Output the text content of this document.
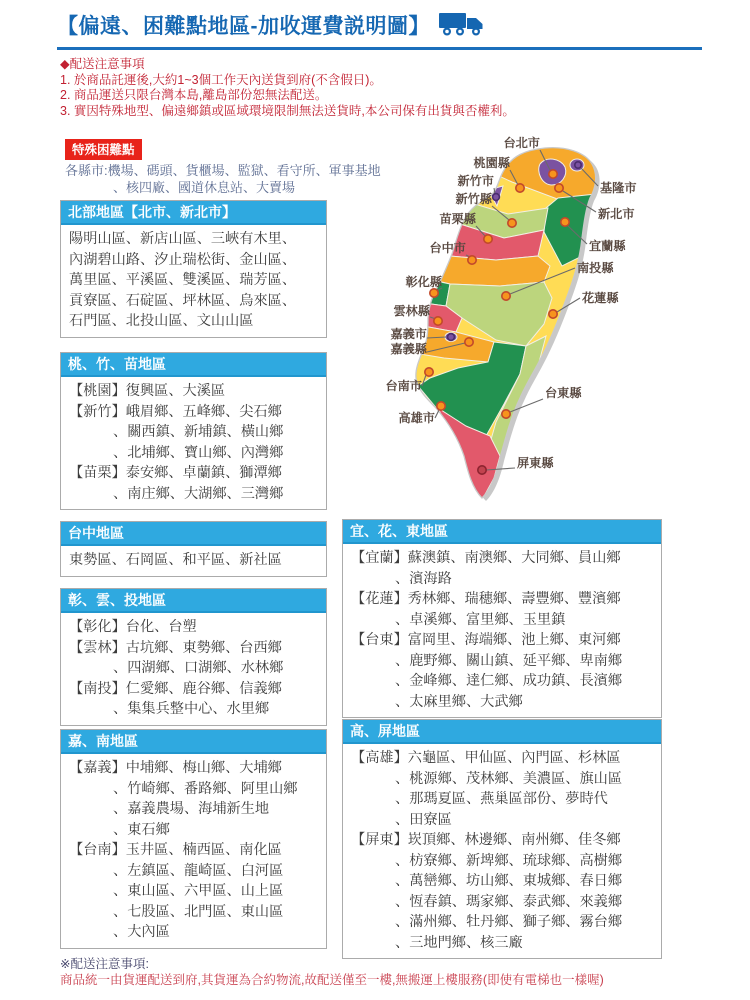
【偏遠、困難點地區-加收運費説明圖】
◆配送注意事項
1. 於商品託運後,大約1~3個工作天內送貨到府(不含假日)。
2. 商品運送只限台灣本島,離島部份恕無法配送。
3. 實因特殊地型、偏遠鄉鎮或區域環境限制無法送貨時,本公司保有出貨與否權利。
特殊困難點
各縣市:機場、碼頭、貨櫃場、監獄、看守所、軍事基地
、核四廠、國道休息站、大賣場
台北市
桃園縣
新竹市
新竹縣
苗栗縣
台中市
彰化縣
雲林縣
嘉義市
嘉義縣
台南市
高雄市
基隆市
新北市
宜蘭縣
南投縣
花蓮縣
台東縣
屏東縣
北部地區【北市、新北市】
陽明山區、新店山區、三峽有木里、
內湖碧山路、汐止瑞松街、金山區、
萬里區、平溪區、雙溪區、瑞芳區、
貢寮區、石碇區、坪林區、烏來區、
石門區、北投山區、文山山區
桃、竹、苗地區
【桃園】復興區、大溪區
【新竹】峨眉鄉、五峰鄉、尖石鄉
、關西鎮、新埔鎮、橫山鄉
、北埔鄉、寶山鄉、內灣鄉
【苗栗】泰安鄉、卓蘭鎮、獅潭鄉
、南庄鄉、大湖鄉、三灣鄉
台中地區
東勢區、石岡區、和平區、新社區
彰、雲、投地區
【彰化】台化、台塑
【雲林】古坑鄉、東勢鄉、台西鄉
、四湖鄉、口湖鄉、水林鄉
【南投】仁愛鄉、鹿谷鄉、信義鄉
、集集兵整中心、水里鄉
嘉、南地區
【嘉義】中埔鄉、梅山鄉、大埔鄉
、竹崎鄉、番路鄉、阿里山鄉
、嘉義農場、海埔新生地
、東石鄉
【台南】玉井區、楠西區、南化區
、左鎮區、龍崎區、白河區
、東山區、六甲區、山上區
、七股區、北門區、東山區
、大內區
宜、花、東地區
【宜蘭】蘇澳鎮、南澳鄉、大同鄉、員山鄉
、濱海路
【花蓮】秀林鄉、瑞穗鄉、壽豐鄉、豐濱鄉
、卓溪鄉、富里鄉、玉里鎮
【台東】富岡里、海端鄉、池上鄉、東河鄉
、鹿野鄉、關山鎮、延平鄉、卑南鄉
、金峰鄉、達仁鄉、成功鎮、長濱鄉
、太麻里鄉、大武鄉
高、屏地區
【高雄】六龜區、甲仙區、內門區、杉林區
、桃源鄉、茂林鄉、美濃區、旗山區
、那瑪夏區、燕巢區部份、夢時代
、田寮區
【屏東】崁頂鄉、林邊鄉、南州鄉、佳冬鄉
、枋寮鄉、新埤鄉、琉球鄉、高樹鄉
、萬巒鄉、坊山鄉、東城鄉、春日鄉
、恆春鎮、瑪家鄉、泰武鄉、來義鄉
、滿州鄉、牡丹鄉、獅子鄉、霧台鄉
、三地門鄉、核三廠
※配送注意事項:
商品統一由貨運配送到府,其貨運為合約物流,故配送僅至一樓,無搬運上樓服務(即使有電梯也一樣喔)
